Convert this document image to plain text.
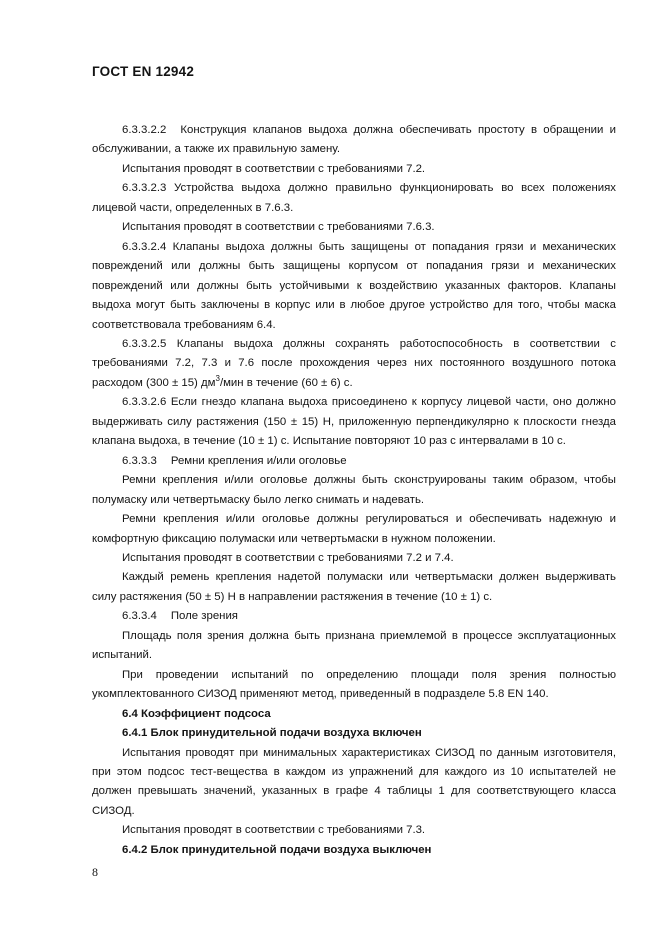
ГОСТ EN 12942

6.3.3.2.2 Конструкция клапанов выдоха должна обеспечивать простоту в обращении и обслуживании, а также их правильную замену.

Испытания проводят в соответствии с требованиями 7.2.

6.3.3.2.3 Устройства выдоха должно правильно функционировать во всех положениях лицевой части, определенных в 7.6.3.

Испытания проводят в соответствии с требованиями 7.6.3.

6.3.3.2.4 Клапаны выдоха должны быть защищены от попадания грязи и механических повреждений или должны быть защищены корпусом от попадания грязи и механических повреждений или должны быть устойчивыми к воздействию указанных факторов. Клапаны выдоха могут быть заключены в корпус или в любое другое устройство для того, чтобы маска соответствовала требованиям 6.4.

6.3.3.2.5 Клапаны выдоха должны сохранять работоспособность в соответствии с требованиями 7.2, 7.3 и 7.6 после прохождения через них постоянного воздушного потока расходом (300 ± 15) $дм^3$/мин в течение (60 ± 6) с.

6.3.3.2.6 Если гнездо клапана выдоха присоединено к корпусу лицевой части, оно должно выдерживать силу растяжения (150 ± 15) Н, приложенную перпендикулярно к плоскости гнезда клапана выдоха, в течение (10 ± 1) с. Испытание повторяют 10 раз с интервалами в 10 с.

6.3.3.3 Ремни крепления и/или оголовье

Ремни крепления и/или оголовье должны быть сконструированы таким образом, чтобы полумаску или четвертьмаску было легко снимать и надевать.

Ремни крепления и/или оголовье должны регулироваться и обеспечивать надежную и комфортную фиксацию полумаски или четвертьмаски в нужном положении.

Испытания проводят в соответствии с требованиями 7.2 и 7.4.

Каждый ремень крепления надетой полумаски или четвертьмаски должен выдерживать силу растяжения (50 ± 5) Н в направлении растяжения в течение (10 ± 1) с.

6.3.3.4 Поле зрения

Площадь поля зрения должна быть признана приемлемой в процессе эксплуатационных испытаний.

При проведении испытаний по определению площади поля зрения полностью укомплектованного СИЗОД применяют метод, приведенный в подразделе 5.8 EN 140.

6.4 Коэффициент подсоса

6.4.1 Блок принудительной подачи воздуха включен

Испытания проводят при минимальных характеристиках СИЗОД по данным изготовителя, при этом подсос тест-вещества в каждом из упражнений для каждого из 10 испытателей не должен превышать значений, указанных в графе 4 таблицы 1 для соответствующего класса СИЗОД.

Испытания проводят в соответствии с требованиями 7.3.

6.4.2 Блок принудительной подачи воздуха выключен

8
